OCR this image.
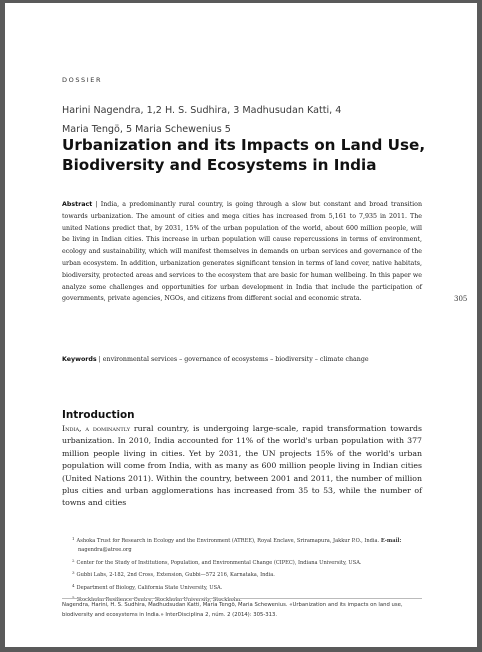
DOSSIER
Harini Nagendra, 1,2 H. S. Sudhira, 3 Madhusudan Katti, 4
Maria Tengö, 5 Maria Schewenius 5
Urbanization and its Impacts on Land Use, Biodiversity and Ecosystems in India

Abstract | India, a predominantly rural country, is going through a slow but constant and broad transition towards urbanization. The amount of cities and mega cities has increased from 5,161 to 7,935 in 2011. The united Nations predict that, by 2031, 15% of the urban population of the world, about 600 million people, will be living in Indian cities. This increase in urban population will cause repercussions in terms of environment, ecology and sustainability, which will manifest themselves in demands on urban services and governance of the urban ecosystem. In addition, urbanization generates significant tension in terms of land cover, native habitats, biodiversity, protected areas and services to the ecosystem that are basic for human wellbeing. In this paper we analyze some challenges and opportunities for urban development in India that include the participation of governments, private agencies, NGOs, and citizens from different social and economic strata.	305

Keywords | environmental services – governance of ecosystems – biodiversity – climate change

Introduction

India, a dominantly rural country, is undergoing large-scale, rapid transformation towards urbanization. In 2010, India accounted for 11% of the world's urban population with 377 million people living in cities. Yet by 2031, the UN projects 15% of the world's urban population will come from India, with as many as 600 million people living in Indian cities (United Nations 2011). Within the country, between 2001 and 2011, the number of million plus cities and urban agglomerations has increased from 35 to 53, while the number of towns and cities

$^1$ Ashoka Trust for Research in Ecology and the Environment (ATREE), Royal Enclave, Sriramapura, Jakkur P.O., India. E-mail: nagendra@atree.org
$^2$ Center for the Study of Institutions, Population, and Environmental Change (CIPEC), Indiana University, USA.
$^3$ Gubbi Labs, 2-182, 2nd Cross, Extension, Gubbi—572 216, Karnataka, India.
$^4$ Department of Biology, California State University, USA.
$^5$ Stockholm Resilience Centre, Stockholm University, Stockholm.

Nagendra, Harini, H. S. Sudhira, Madhudsudan Katti, María Tengö, Maria Schewenius. «Urbanization and its impacts on land use, biodiversity and ecosystems in India.» InterDisciplina 2, núm. 2 (2014): 305-313.
